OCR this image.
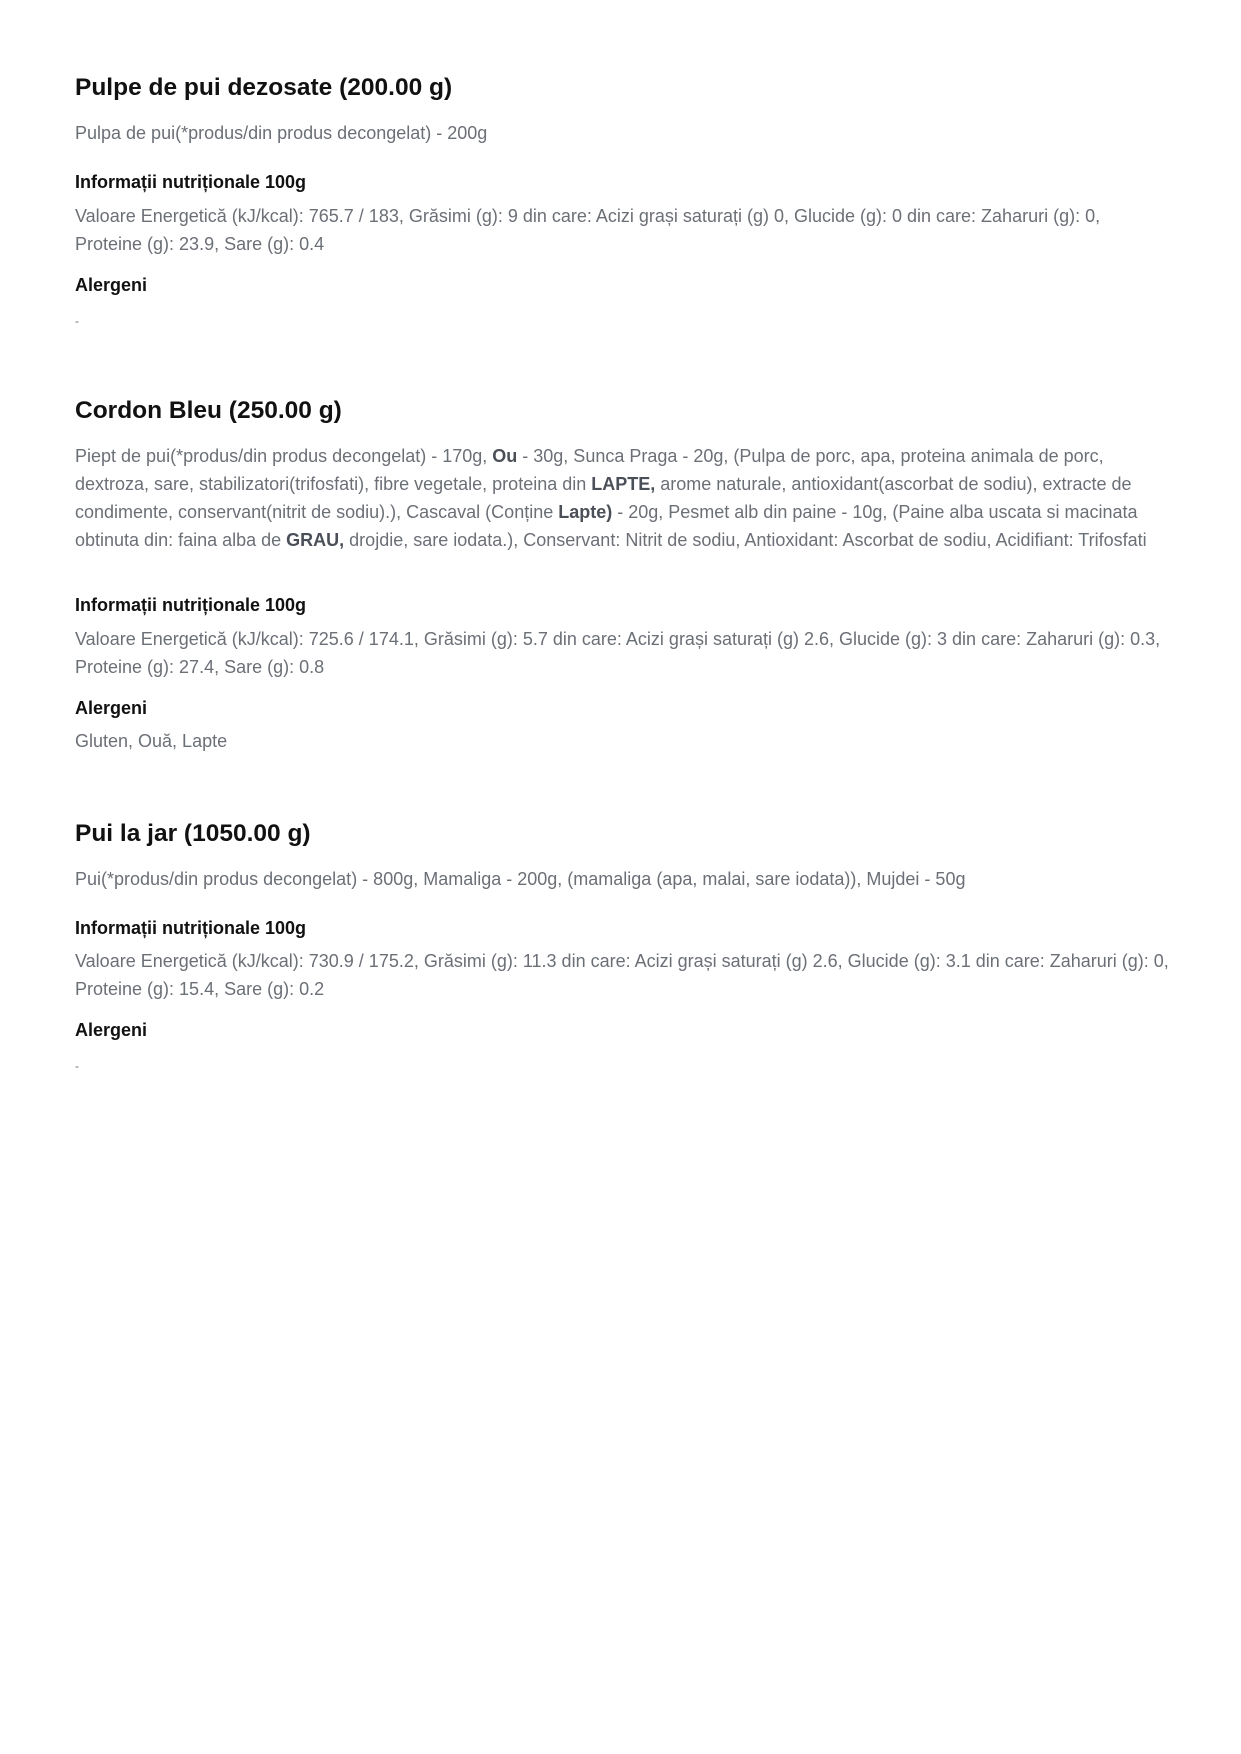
Pulpe de pui dezosate (200.00 g)

Pulpa de pui(*produs/din produs decongelat) - 200g

Informații nutriționale 100g

Valoare Energetică (kJ/kcal): 765.7 / 183, Grăsimi (g): 9 din care: Acizi grași saturați (g) 0, Glucide (g): 0 din care: Zaharuri (g): 0, Proteine (g): 23.9, Sare (g): 0.4

Alergeni

-

Cordon Bleu (250.00 g)

Piept de pui(*produs/din produs decongelat) - 170g, Ou - 30g, Sunca Praga - 20g, (Pulpa de porc, apa, proteina animala de porc, dextroza, sare, stabilizatori(trifosfati), fibre vegetale, proteina din LAPTE, arome naturale, antioxidant(ascorbat de sodiu), extracte de condimente, conservant(nitrit de sodiu).), Cascaval (Conține Lapte) - 20g, Pesmet alb din paine - 10g, (Paine alba uscata si macinata obtinuta din: faina alba de GRAU, drojdie, sare iodata.), Conservant: Nitrit de sodiu, Antioxidant: Ascorbat de sodiu, Acidifiant: Trifosfati

Informații nutriționale 100g

Valoare Energetică (kJ/kcal): 725.6 / 174.1, Grăsimi (g): 5.7 din care: Acizi grași saturați (g) 2.6, Glucide (g): 3 din care: Zaharuri (g): 0.3, Proteine (g): 27.4, Sare (g): 0.8

Alergeni

Gluten, Ouă, Lapte

Pui la jar (1050.00 g)

Pui(*produs/din produs decongelat) - 800g, Mamaliga - 200g, (mamaliga (apa, malai, sare iodata)), Mujdei - 50g

Informații nutriționale 100g

Valoare Energetică (kJ/kcal): 730.9 / 175.2, Grăsimi (g): 11.3 din care: Acizi grași saturați (g) 2.6, Glucide (g): 3.1 din care: Zaharuri (g): 0, Proteine (g): 15.4, Sare (g): 0.2

Alergeni

-
